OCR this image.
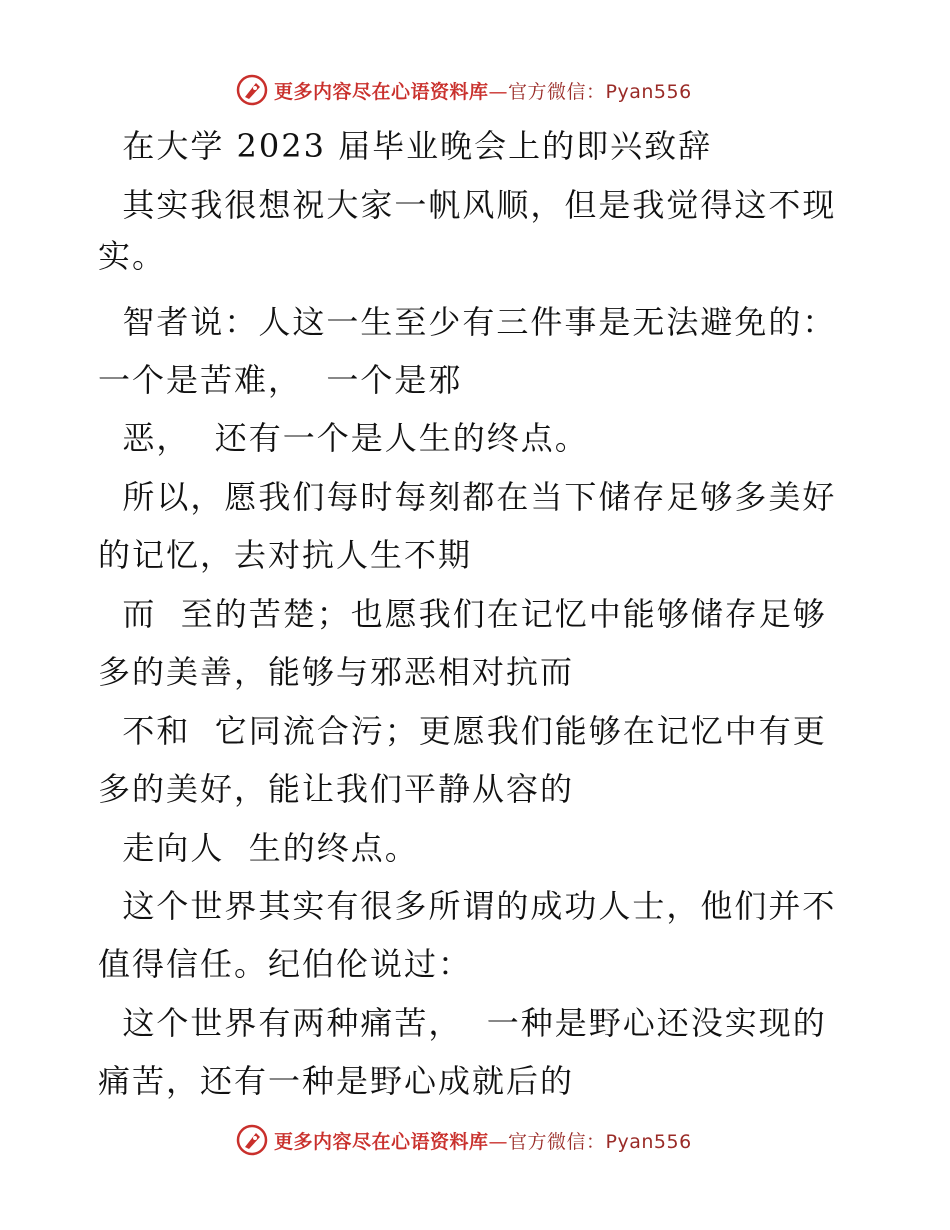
更多内容尽在心语资料库—官方微信：Pyan556
在大学 2023 届毕业晚会上的即兴致辞
其实我很想祝大家一帆风顺，但是我觉得这不现
实。
智者说：人这一生至少有三件事是无法避免的：
一个是苦难，  一个是邪
恶，  还有一个是人生的终点。
所以，愿我们每时每刻都在当下储存足够多美好
的记忆，去对抗人生不期
而  至的苦楚；也愿我们在记忆中能够储存足够
多的美善，能够与邪恶相对抗而
不和  它同流合污；更愿我们能够在记忆中有更
多的美好，能让我们平静从容的
走向人  生的终点。
这个世界其实有很多所谓的成功人士，他们并不
值得信任。纪伯伦说过：
这个世界有两种痛苦，  一种是野心还没实现的
痛苦，还有一种是野心成就后的
更多内容尽在心语资料库—官方微信：Pyan556
